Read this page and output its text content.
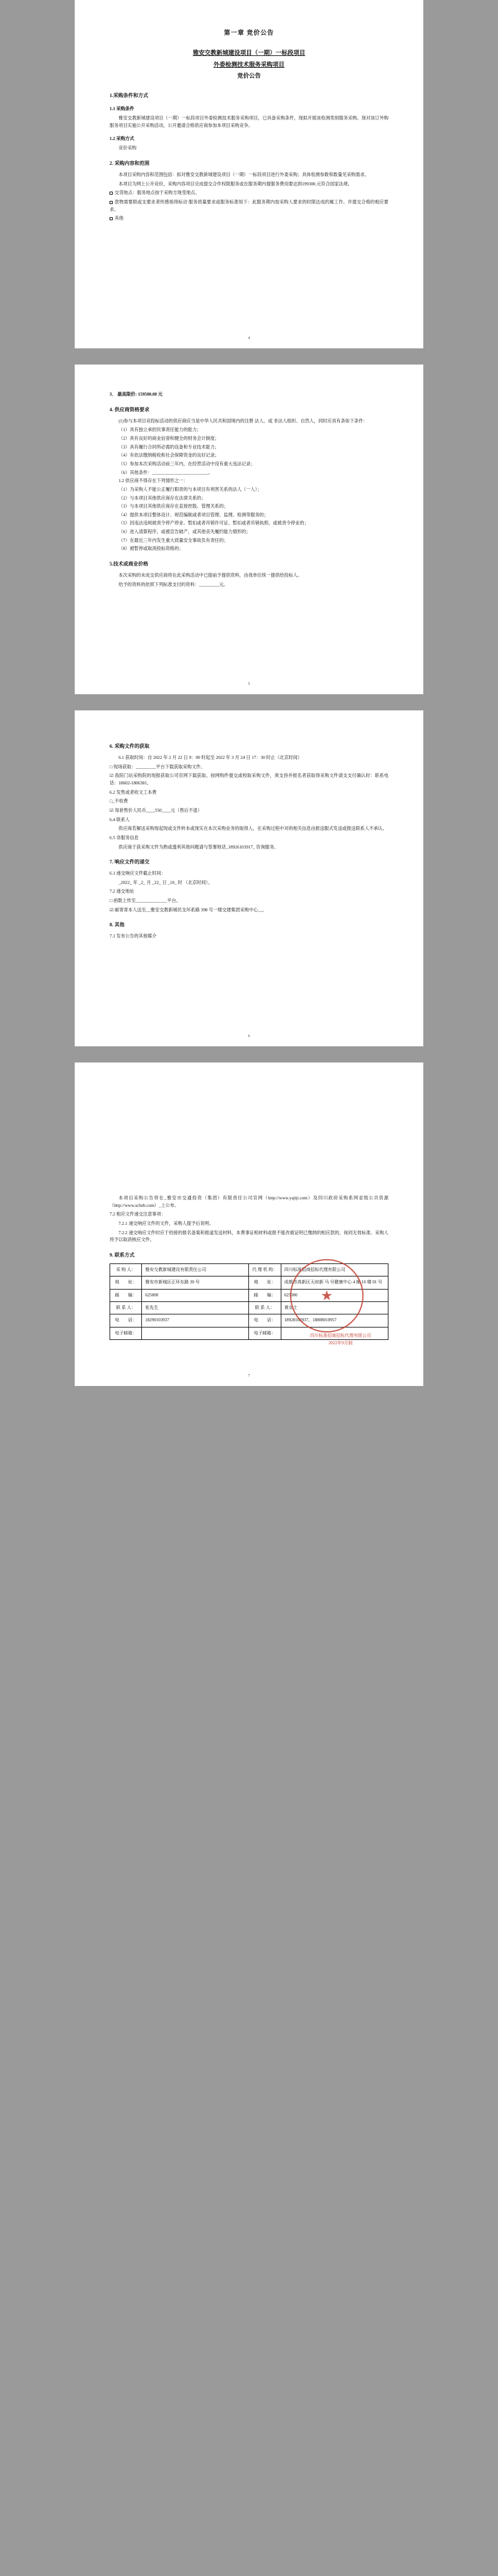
第一章 竞价公告
雅安交教新城建设项目（一期）一标段项目
外委检测技术服务采购项目
竞价公告
1.采购条件和方式
1.1 采购条件

雅安交教新城建设项目（一期）一标段项目外委检测技术服务采购项目，已具备采购条件，现拟开展该检测类别服务采购。现对该订外购服务项目实施公开采购活动，公开邀请合格供应商参加本项目采购竞争。

1.2 采购方式

竞价采购

2. 采购内容和范围

本项目采购内容和范围包括：拟对雅安交教新城建设项目（一期）一标段项目进行外委采购；具体检测参数和数量见采购需求。

本项目为网上公开竞价，采购内容项目完成提交合作权限服务或在服务期内提服务费用要达到199300.元符合国家法规。

交货地点：服务地点按于采购方现受地点。

款物需要联或支要求者传感指得标动 服务质量要求或服务标准知下：此服务期内按采购人要求的时限达成的属工作。并提交合格的相应要求。

其他

4

3． 最高限价: 159500.00 元

4. 供应商资格要求

(1)参与本项目竞投标活动的供应商应当是中华人民共和国境内的注册 法人、或 非法人组织、自然人，同时应具有条如下条件：

（1）具有独立承担民事责任能力的能力；
（2）具有良好的商业信誉和健全的财务会计制度；
（3）具有履行合同所必需的设备和专业技术能力；
（4）有依法缴纳税收和社会保障资金的良好记录；
（5）参加本次采购活动前三年内，在经营活动中没有重大违法记录；
（6）其他条件：_________________________。
1.2 供应商不得存在下列情形之一：
（1）为采购人不能公正履行职责的与本项目有利害关系的法人（一人）；
（2）与本项目其他供应商存在法律关系的；
（3）与本项目其他供应商存在直接控股、管理关系的；
（4）提供本项目整体设计、规范编制或者项目管理、监理、检测等服务的；
（5）因违法违规被责令停产停业、暂扣或者吊销许可证、暂扣或者吊销执照、或被责令停业的；
（6）进入清算程序，或被宣告破产，或其他丧失履约能力情形的；
（7）在最近三年内发生重大质量安全事故负有责任的；
（8）被暂停或取消投标资格的；
5.技术或商业价格

本次采购的未成交供应商将在此采购活动中已提前予提供资料，由我单位统一提供给投标人。

给予的资料的依照下列标准支付的资料：_________元。

5
6. 采购文件的获取

6.1 获取时间：自 2022 年 2 月 22 日 9：00 时起至 2022 年 3 月 24 日 17：30 时止（北京时间）

□ 现场获取：_________平台下载获取采购文件。

☑ 我院门站采购院的现报获取公司官网下载获取。按网购件提交或校取采购文件，须支持并报名者获取得采购文件请支支付确认时：联系电话：18602-1806381。

6.2 发售或者收文工本费

□_不收费

☑ 每套售价人民币____550____元（售后不退）

6.4 联系人

供应商若解送采购现起现或支件转本或现实在本次采购业务的取得人，在采购过程中对的相关信息由报送服式发送或报送联系人不承认。

6.5 非服务信息

供应商于获采购文件为熟或透利其他问题请与签署地话_18926103917_ 咨询服务。

7. 响应文件的递交

6.1 递交响应文件截止时间：

_2022_ 年 _2_ 月 _22_ 日 _10_ 时 （北京时间）。

7.2 递交地址

□ 函数上传至______________平台。

☑ 邮寄寄本人送至__雅安交教新城民支环系路 398 号一楼交建集团采购中心__。

8. 其他

7.1 发布公告的其他媒介

6

本项目采购公告将在_雅安市交通投资（集团）有限责任公司官网（http://www.yajtjt.com）及四川政府采购系网省级公共资源（http://www.scbzb.com）_上公布。

7.2 相应文件递交注意事项：

7.2.1 递交响应文件的文件，采购人提予后说明。

7.2.2 递交响应文件时应于给接的报名备案和报道发送材料，本费事证相材料或报不能改被证明已缴纳的相应款的，视同无效标准。采购人将予以取消核应文件。

9. 联系方式
采 购 人：	雅安交教新城建设有限责任公司	代 理 机 构：	四川标准招商招标代理有限公司
地　　址：	雅安市新城区正环东路 30 号	地　　址：	成都市高新区天府新 马 号健康中心 4 栋 16 楼 01 号
邮　　编：	625000	邮　　编：	625000
联 系 人：	张先生	联 系 人：	黄女士
电　　话：	18290103937	电　　话：	18928103937、18808010957
电子邮箱：		电子邮箱：	
★
四川标准招商招标代理有限公司
2022年9月制
7
